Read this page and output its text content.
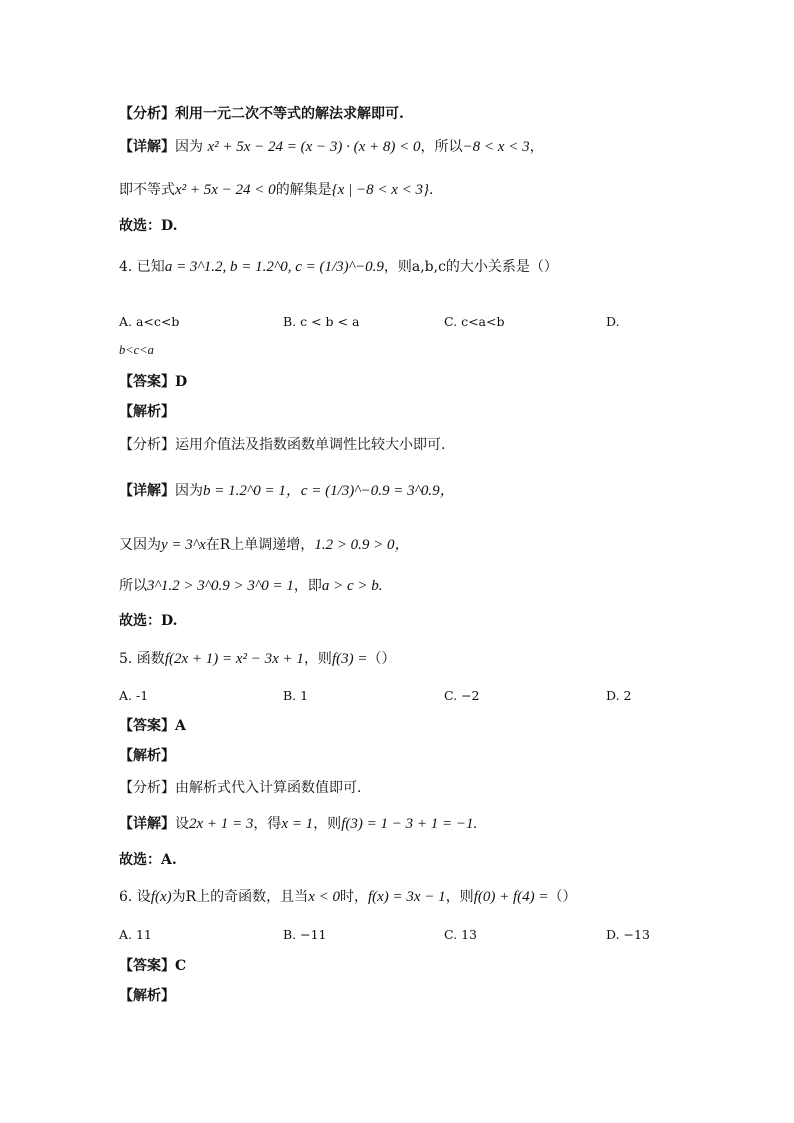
【分析】利用一元二次不等式的解法求解即可.
【详解】因为 x² + 5x − 24 = (x − 3) · (x + 8) < 0，所以−8 < x < 3，
即不等式x² + 5x − 24 < 0的解集是{x | −8 < x < 3}.
故选：D.
4. 已知a = 3^1.2, b = 1.2^0, c = (1/3)^−0.9，则a,b,c的大小关系是（）
A. a<c<b	B. c < b < a	C. c<a<b	D.
b<c<a
【答案】D
【解析】
【分析】运用介值法及指数函数单调性比较大小即可.
【详解】因为b = 1.2^0 = 1，c = (1/3)^−0.9 = 3^0.9，
又因为y = 3^x在R上单调递增，1.2 > 0.9 > 0，
所以3^1.2 > 3^0.9 > 3^0 = 1，即a > c > b.
故选：D.
5. 函数f(2x + 1) = x² − 3x + 1，则f(3) =（）
A. -1	B. 1	C. −2	D. 2
【答案】A
【解析】
【分析】由解析式代入计算函数值即可.
【详解】设2x + 1 = 3，得x = 1，则f(3) = 1 − 3 + 1 = −1.
故选：A.
6. 设f(x)为R上的奇函数，且当x < 0时，f(x) = 3x − 1，则f(0) + f(4) =（）
A. 11	B. −11	C. 13	D. −13
【答案】C
【解析】
